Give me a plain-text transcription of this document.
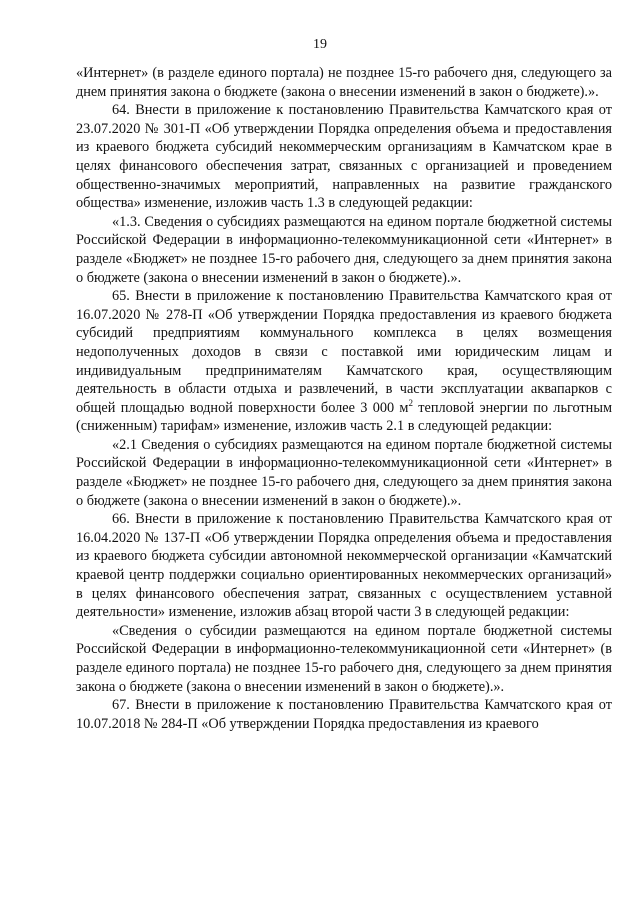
19

«Интернет» (в разделе единого портала) не позднее 15-го рабочего дня, следующего за днем принятия закона о бюджете (закона о внесении изменений в закон о бюджете).».

64. Внести в приложение к постановлению Правительства Камчатского края от 23.07.2020 № 301-П «Об утверждении Порядка определения объема и предоставления из краевого бюджета субсидий некоммерческим организациям в Камчатском крае в целях финансового обеспечения затрат, связанных с организацией и проведением общественно-значимых мероприятий, направленных на развитие гражданского общества» изменение, изложив часть 1.3 в следующей редакции:

«1.3. Сведения о субсидиях размещаются на едином портале бюджетной системы Российской Федерации в информационно-телекоммуникационной сети «Интернет» в разделе «Бюджет» не позднее 15-го рабочего дня, следующего за днем принятия закона о бюджете (закона о внесении изменений в закон о бюджете).».

65. Внести в приложение к постановлению Правительства Камчатского края от 16.07.2020 № 278-П «Об утверждении Порядка предоставления из краевого бюджета субсидий предприятиям коммунального комплекса в целях возмещения недополученных доходов в связи с поставкой ими юридическим лицам и индивидуальным предпринимателям Камчатского края, осуществляющим деятельность в области отдыха и развлечений, в части эксплуатации аквапарков с общей площадью водной поверхности более 3 000 $м^2$ тепловой энергии по льготным (сниженным) тарифам» изменение, изложив часть 2.1 в следующей редакции:

«2.1 Сведения о субсидиях размещаются на едином портале бюджетной системы Российской Федерации в информационно-телекоммуникационной сети «Интернет» в разделе «Бюджет» не позднее 15-го рабочего дня, следующего за днем принятия закона о бюджете (закона о внесении изменений в закон о бюджете).».

66. Внести в приложение к постановлению Правительства Камчатского края от 16.04.2020 № 137-П «Об утверждении Порядка определения объема и предоставления из краевого бюджета субсидии автономной некоммерческой организации «Камчатский краевой центр поддержки социально ориентированных некоммерческих организаций» в целях финансового обеспечения затрат, связанных с осуществлением уставной деятельности» изменение, изложив абзац второй части 3 в следующей редакции:

«Сведения о субсидии размещаются на едином портале бюджетной системы Российской Федерации в информационно-телекоммуникационной сети «Интернет» (в разделе единого портала) не позднее 15-го рабочего дня, следующего за днем принятия закона о бюджете (закона о внесении изменений в закон о бюджете).».

67. Внести в приложение к постановлению Правительства Камчатского края от 10.07.2018 № 284-П «Об утверждении Порядка предоставления из краевого
